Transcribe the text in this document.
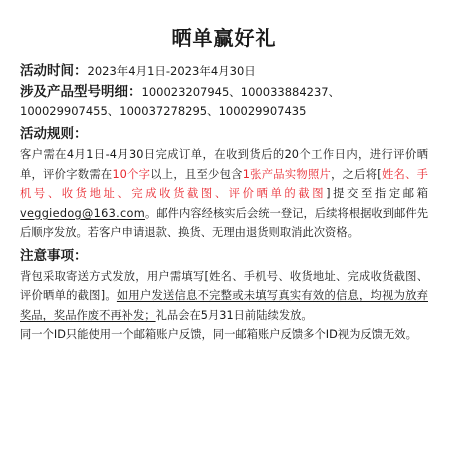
晒单赢好礼
活动时间：2023年4月1日-2023年4月30日
涉及产品型号明细：100023207945、100033884237、100029907455、100037278295、100029907435
活动规则：
客户需在4月1日-4月30日完成订单，在收到货后的20个工作日内，进行评价晒单，评价字数需在10个字以上，且至少包含1张产品实物照片，之后将[姓名、手机号、收货地址、完成收货截图、评价晒单的截图]提交至指定邮箱 veggiedog@163.com。邮件内容经核实后会统一登记，后续将根据收到邮件先后顺序发放。若客户申请退款、换货、无理由退货则取消此次资格。
注意事项：
背包采取寄送方式发放，用户需填写[姓名、手机号、收货地址、完成收货截图、评价晒单的截图]。如用户发送信息不完整或未填写真实有效的信息，均视为放弃奖品，奖品作废不再补发；礼品会在5月31日前陆续发放。
同一个ID只能使用一个邮箱账户反馈，同一邮箱账户反馈多个ID视为反馈无效。
